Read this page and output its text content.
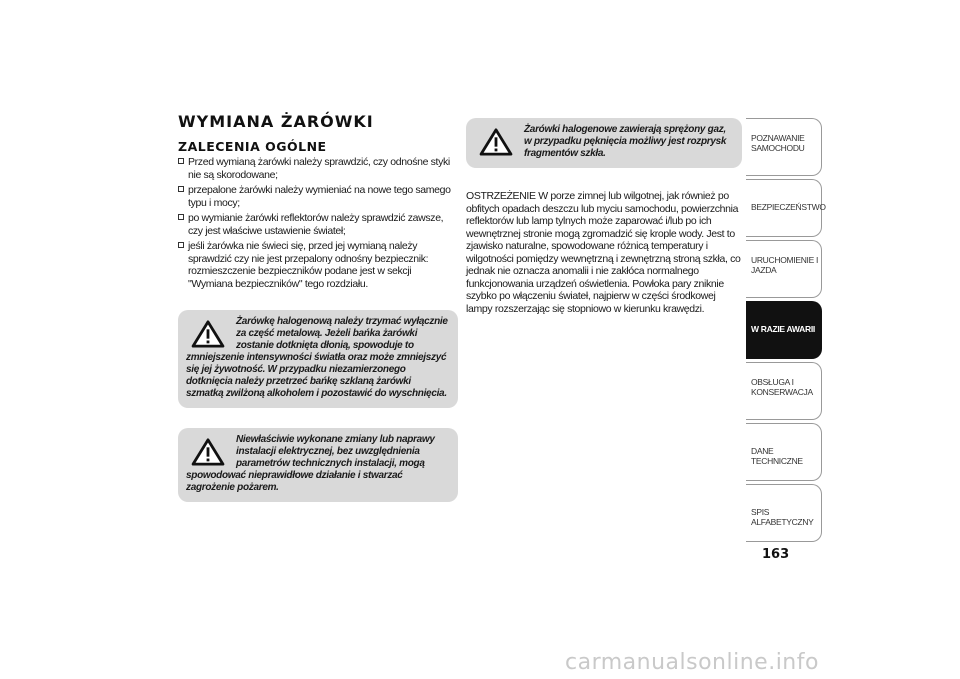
WYMIANA ŻARÓWKI
ZALECENIA OGÓLNE
Przed wymianą żarówki należy sprawdzić, czy odnośne styki nie są skorodowane;
przepalone żarówki należy wymieniać na nowe tego samego typu i mocy;
po wymianie żarówki reflektorów należy sprawdzić zawsze, czy jest właściwe ustawienie świateł;
jeśli żarówka nie świeci się, przed jej wymianą należy sprawdzić czy nie jest przepalony odnośny bezpiecznik: rozmieszczenie bezpieczników podane jest w sekcji "Wymiana bezpieczników" tego rozdziału.
Żarówkę halogenową należy trzymać wyłącznie za część metalową. Jeżeli bańka żarówki zostanie dotknięta dłonią, spowoduje to zmniejszenie intensywności światła oraz może zmniejszyć się jej żywotność. W przypadku niezamierzonego dotknięcia należy przetrzeć bańkę szklaną żarówki szmatką zwilżoną alkoholem i pozostawić do wyschnięcia.
Niewłaściwie wykonane zmiany lub naprawy instalacji elektrycznej, bez uwzględnienia parametrów technicznych instalacji, mogą spowodować nieprawidłowe działanie i stwarzać zagrożenie pożarem.
Żarówki halogenowe zawierają sprężony gaz, w przypadku pęknięcia możliwy jest rozprysk fragmentów szkła.
OSTRZEŻENIE W porze zimnej lub wilgotnej, jak również po obfitych opadach deszczu lub myciu samochodu, powierzchnia reflektorów lub lamp tylnych może zaparować i/lub po ich wewnętrznej stronie mogą zgromadzić się krople wody. Jest to zjawisko naturalne, spowodowane różnicą temperatury i wilgotności pomiędzy wewnętrzną i zewnętrzną stroną szkła, co jednak nie oznacza anomalii i nie zakłóca normalnego funkcjonowania urządzeń oświetlenia. Powłoka pary zniknie szybko po włączeniu świateł, najpierw w części środkowej lampy rozszerzając się stopniowo w kierunku krawędzi.
POZNAWANIE SAMOCHODU
BEZPIECZEŃSTWO
URUCHOMIENIE I JAZDA
W RAZIE AWARII
OBSŁUGA I KONSERWACJA
DANE TECHNICZNE
SPIS ALFABETYCZNY
163
carmanualsonline.info
